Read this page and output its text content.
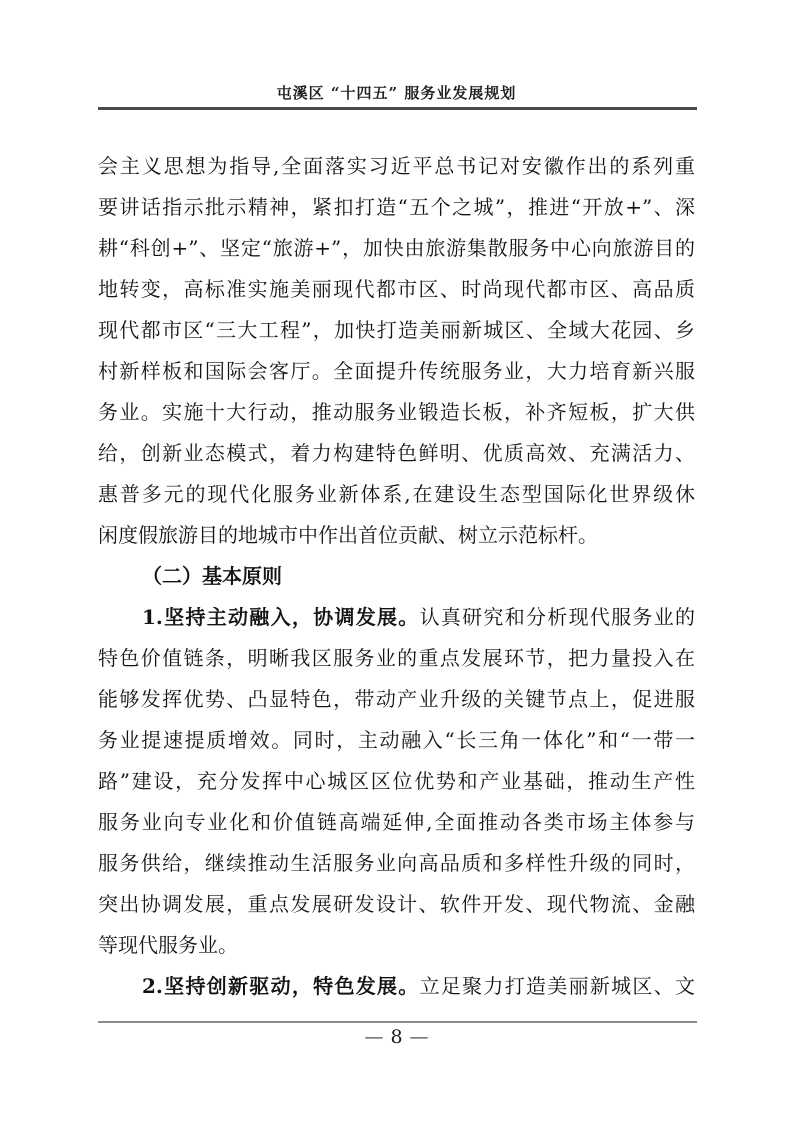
屯溪区 “十四五” 服务业发展规划
会主义思想为指导,全面落实习近平总书记对安徽作出的系列重
要讲话指示批示精神，紧扣打造“五个之城”，推进“开放+”、深
耕“科创+”、坚定“旅游+”，加快由旅游集散服务中心向旅游目的
地转变，高标准实施美丽现代都市区、时尚现代都市区、高品质
现代都市区“三大工程”，加快打造美丽新城区、全域大花园、乡
村新样板和国际会客厅。全面提升传统服务业，大力培育新兴服
务业。实施十大行动，推动服务业锻造长板，补齐短板，扩大供
给，创新业态模式，着力构建特色鲜明、优质高效、充满活力、
惠普多元的现代化服务业新体系,在建设生态型国际化世界级休
闲度假旅游目的地城市中作出首位贡献、树立示范标杆。
（二）基本原则
1.坚持主动融入，协调发展。认真研究和分析现代服务业的
特色价值链条，明晰我区服务业的重点发展环节，把力量投入在
能够发挥优势、凸显特色，带动产业升级的关键节点上，促进服
务业提速提质增效。同时，主动融入“长三角一体化”和“一带一
路”建设，充分发挥中心城区区位优势和产业基础，推动生产性
服务业向专业化和价值链高端延伸,全面推动各类市场主体参与
服务供给，继续推动生活服务业向高品质和多样性升级的同时，
突出协调发展，重点发展研发设计、软件开发、现代物流、金融
等现代服务业。
2.坚持创新驱动，特色发展。立足聚力打造美丽新城区、文
— 8 —
